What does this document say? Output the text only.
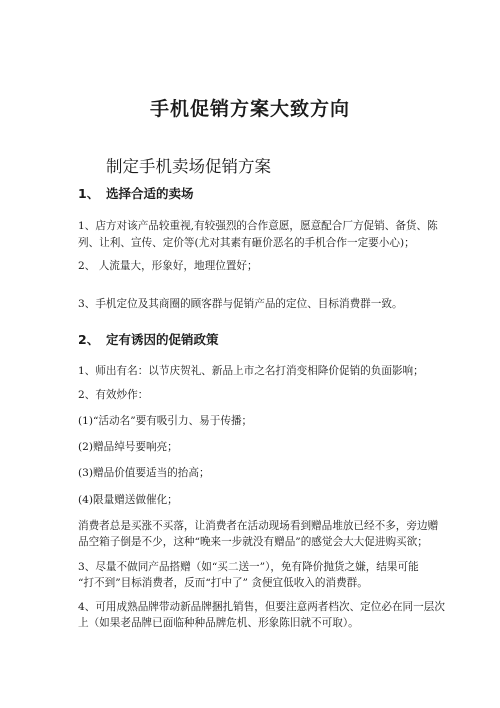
手机促销方案大致方向
制定手机卖场促销方案
1、 选择合适的卖场
1、店方对该产品较重视,有较强烈的合作意愿，愿意配合厂方促销、备货、陈
列、让利、宣传、定价等(尤对其素有砸价恶名的手机合作一定要小心)；
2、 人流量大，形象好，地理位置好；
3、手机定位及其商圈的顾客群与促销产品的定位、目标消费群一致。
2、 定有诱因的促销政策
1、师出有名：以节庆贺礼、新品上市之名打消变相降价促销的负面影响；
2、有效炒作：
(1)“活动名”要有吸引力、易于传播；
(2)赠品绰号要响亮；
(3)赠品价值要适当的抬高；
(4)限量赠送做催化；
消费者总是买涨不买落，让消费者在活动现场看到赠品堆放已经不多，旁边赠
品空箱子倒是不少，这种“晚来一步就没有赠品”的感觉会大大促进购买欲；
3、尽量不做同产品搭赠（如“买二送一”），免有降价抛货之嫌，结果可能
“打不到”目标消费者，反而“打中了” 贪便宜低收入的消费群。
4、可用成熟品牌带动新品牌捆扎销售，但要注意两者档次、定位必在同一层次
上（如果老品牌已面临种种品牌危机、形象陈旧就不可取）。
